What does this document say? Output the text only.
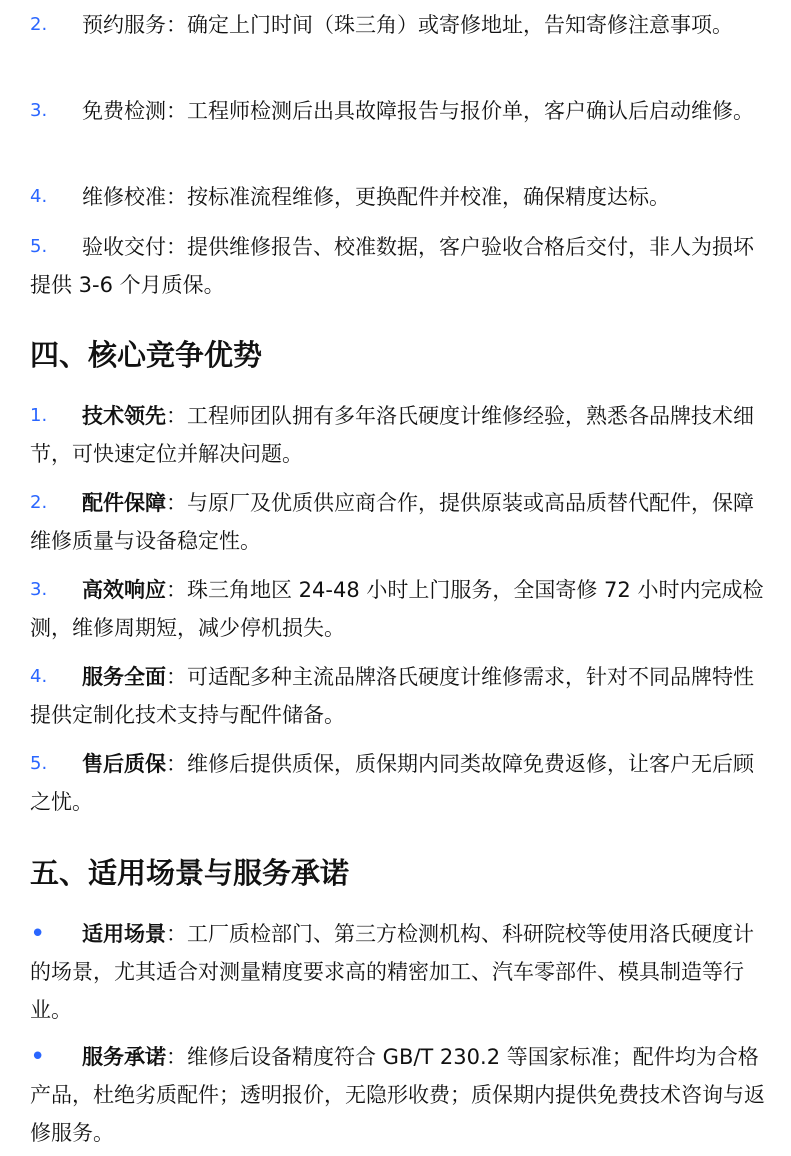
2.	预约服务：确定上门时间（珠三角）或寄修地址，告知寄修注意事项。
3.	免费检测：工程师检测后出具故障报告与报价单，客户确认后启动维修。
4.	维修校准：按标准流程维修，更换配件并校准，确保精度达标。
5.	验收交付：提供维修报告、校准数据，客户验收合格后交付，非人为损坏提供 3-6 个月质保。
四、核心竞争优势
1.	技术领先：工程师团队拥有多年洛氏硬度计维修经验，熟悉各品牌技术细节，可快速定位并解决问题。
2.	配件保障：与原厂及优质供应商合作，提供原装或高品质替代配件，保障维修质量与设备稳定性。
3.	高效响应：珠三角地区 24-48 小时上门服务，全国寄修 72 小时内完成检测，维修周期短，减少停机损失。
4.	服务全面：可适配多种主流品牌洛氏硬度计维修需求，针对不同品牌特性提供定制化技术支持与配件储备。
5.	售后质保：维修后提供质保，质保期内同类故障免费返修，让客户无后顾之忧。
五、适用场景与服务承诺
•	适用场景：工厂质检部门、第三方检测机构、科研院校等使用洛氏硬度计的场景，尤其适合对测量精度要求高的精密加工、汽车零部件、模具制造等行业。
•	服务承诺：维修后设备精度符合 GB/T 230.2 等国家标准；配件均为合格产品，杜绝劣质配件；透明报价，无隐形收费；质保期内提供免费技术咨询与返修服务。
